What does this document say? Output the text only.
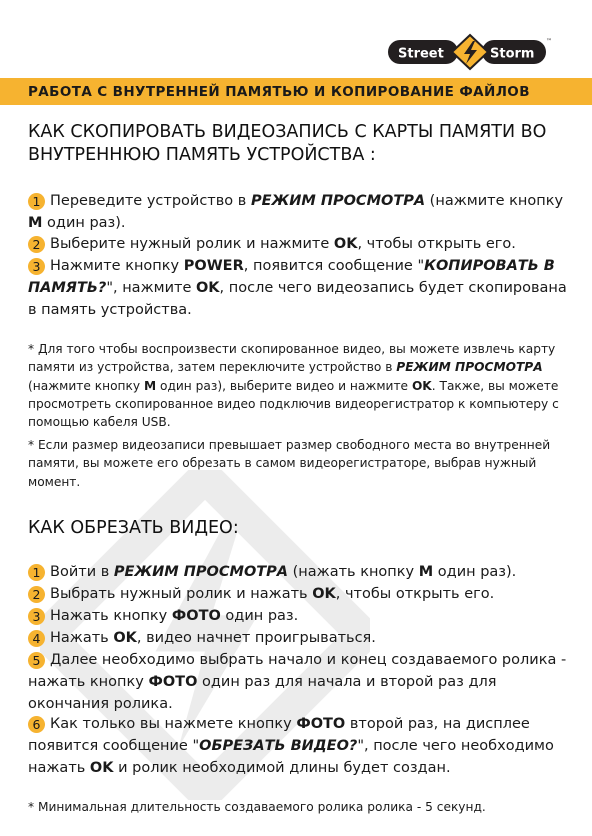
Street	Storm
™
РАБОТА С ВНУТРЕННЕЙ ПАМЯТЬЮ И КОПИРОВАНИЕ ФАЙЛОВ
КАК СКОПИРОВАТЬ ВИДЕОЗАПИСЬ С КАРТЫ ПАМЯТИ ВО ВНУТРЕННЮЮ ПАМЯТЬ УСТРОЙСТВА :
1 Переведите устройство в РЕЖИМ ПРОСМОТРА (нажмите кнопку M один раз).
2 Выберите нужный ролик и нажмите OK, чтобы открыть его.
3 Нажмите кнопку POWER, появится сообщение "КОПИРОВАТЬ В ПАМЯТЬ?", нажмите OK, после чего видеозапись будет скопирована в память устройства.
* Для того чтобы воспроизвести скопированное видео, вы можете извлечь карту памяти из устройства, затем переключите устройство в РЕЖИМ ПРОСМОТРА (нажмите кнопку M один раз), выберите видео и нажмите OK. Также, вы можете просмотреть скопированное видео подключив видеорегистратор к компьютеру с помощью кабеля USB.
* Если размер видеозаписи превышает размер свободного места во внутренней памяти, вы можете его обрезать в самом видеорегистраторе, выбрав нужный момент.
КАК ОБРЕЗАТЬ ВИДЕО:
1 Войти в РЕЖИМ ПРОСМОТРА (нажать кнопку M один раз).
2 Выбрать нужный ролик и нажать OK, чтобы открыть его.
3 Нажать кнопку ФОТО один раз.
4 Нажать OK, видео начнет проигрываться.
5 Далее необходимо выбрать начало и конец создаваемого ролика - нажать кнопку ФОТО один раз для начала и второй раз для окончания ролика.
6 Как только вы нажмете кнопку ФОТО второй раз, на дисплее появится сообщение "ОБРЕЗАТЬ ВИДЕО?", после чего необходимо нажать OK и ролик необходимой длины будет создан.
* Минимальная длительность создаваемого ролика ролика - 5 секунд.
